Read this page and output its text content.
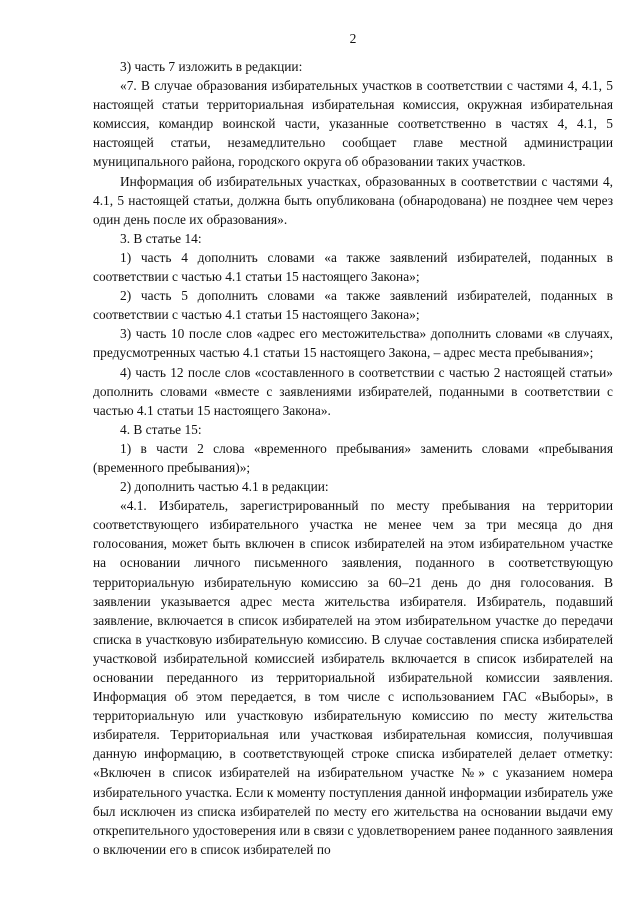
2

3) часть 7 изложить в редакции:

«7. В случае образования избирательных участков в соответствии с частями 4, 4.1, 5 настоящей статьи территориальная избирательная комиссия, окружная избирательная комиссия, командир воинской части, указанные соответственно в частях 4, 4.1, 5 настоящей статьи, незамедлительно сообщает главе местной администрации муниципального района, городского округа об образовании таких участков.

Информация об избирательных участках, образованных в соответствии с частями 4, 4.1, 5 настоящей статьи, должна быть опубликована (обнародована) не позднее чем через один день после их образования».

3. В статье 14:

1) часть 4 дополнить словами «а также заявлений избирателей, поданных в соответствии с частью 4.1 статьи 15 настоящего Закона»;

2) часть 5 дополнить словами «а также заявлений избирателей, поданных в соответствии с частью 4.1 статьи 15 настоящего Закона»;

3) часть 10 после слов «адрес его местожительства» дополнить словами «в случаях, предусмотренных частью 4.1 статьи 15 настоящего Закона, – адрес места пребывания»;

4) часть 12 после слов «составленного в соответствии с частью 2 настоящей статьи» дополнить словами «вместе с заявлениями избирателей, поданными в соответствии с частью 4.1 статьи 15 настоящего Закона».

4. В статье 15:

1) в части 2 слова «временного пребывания» заменить словами «пребывания (временного пребывания)»;

2) дополнить частью 4.1 в редакции:

«4.1. Избиратель, зарегистрированный по месту пребывания на территории соответствующего избирательного участка не менее чем за три месяца до дня голосования, может быть включен в список избирателей на этом избирательном участке на основании личного письменного заявления, поданного в соответствующую территориальную избирательную комиссию за 60–21 день до дня голосования. В заявлении указывается адрес места жительства избирателя. Избиратель, подавший заявление, включается в список избирателей на этом избирательном участке до передачи списка в участковую избирательную комиссию. В случае составления списка избирателей участковой избирательной комиссией избиратель включается в список избирателей на основании переданного из территориальной избирательной комиссии заявления. Информация об этом передается, в том числе с использованием ГАС «Выборы», в территориальную или участковую избирательную комиссию по месту жительства избирателя. Территориальная или участковая избирательная комиссия, получившая данную информацию, в соответствующей строке списка избирателей делает отметку: «Включен в список избирателей на избирательном участке №» с указанием номера избирательного участка. Если к моменту поступления данной информации избиратель уже был исключен из списка избирателей по месту его жительства на основании выдачи ему открепительного удостоверения или в связи с удовлетворением ранее поданного заявления о включении его в список избирателей по
